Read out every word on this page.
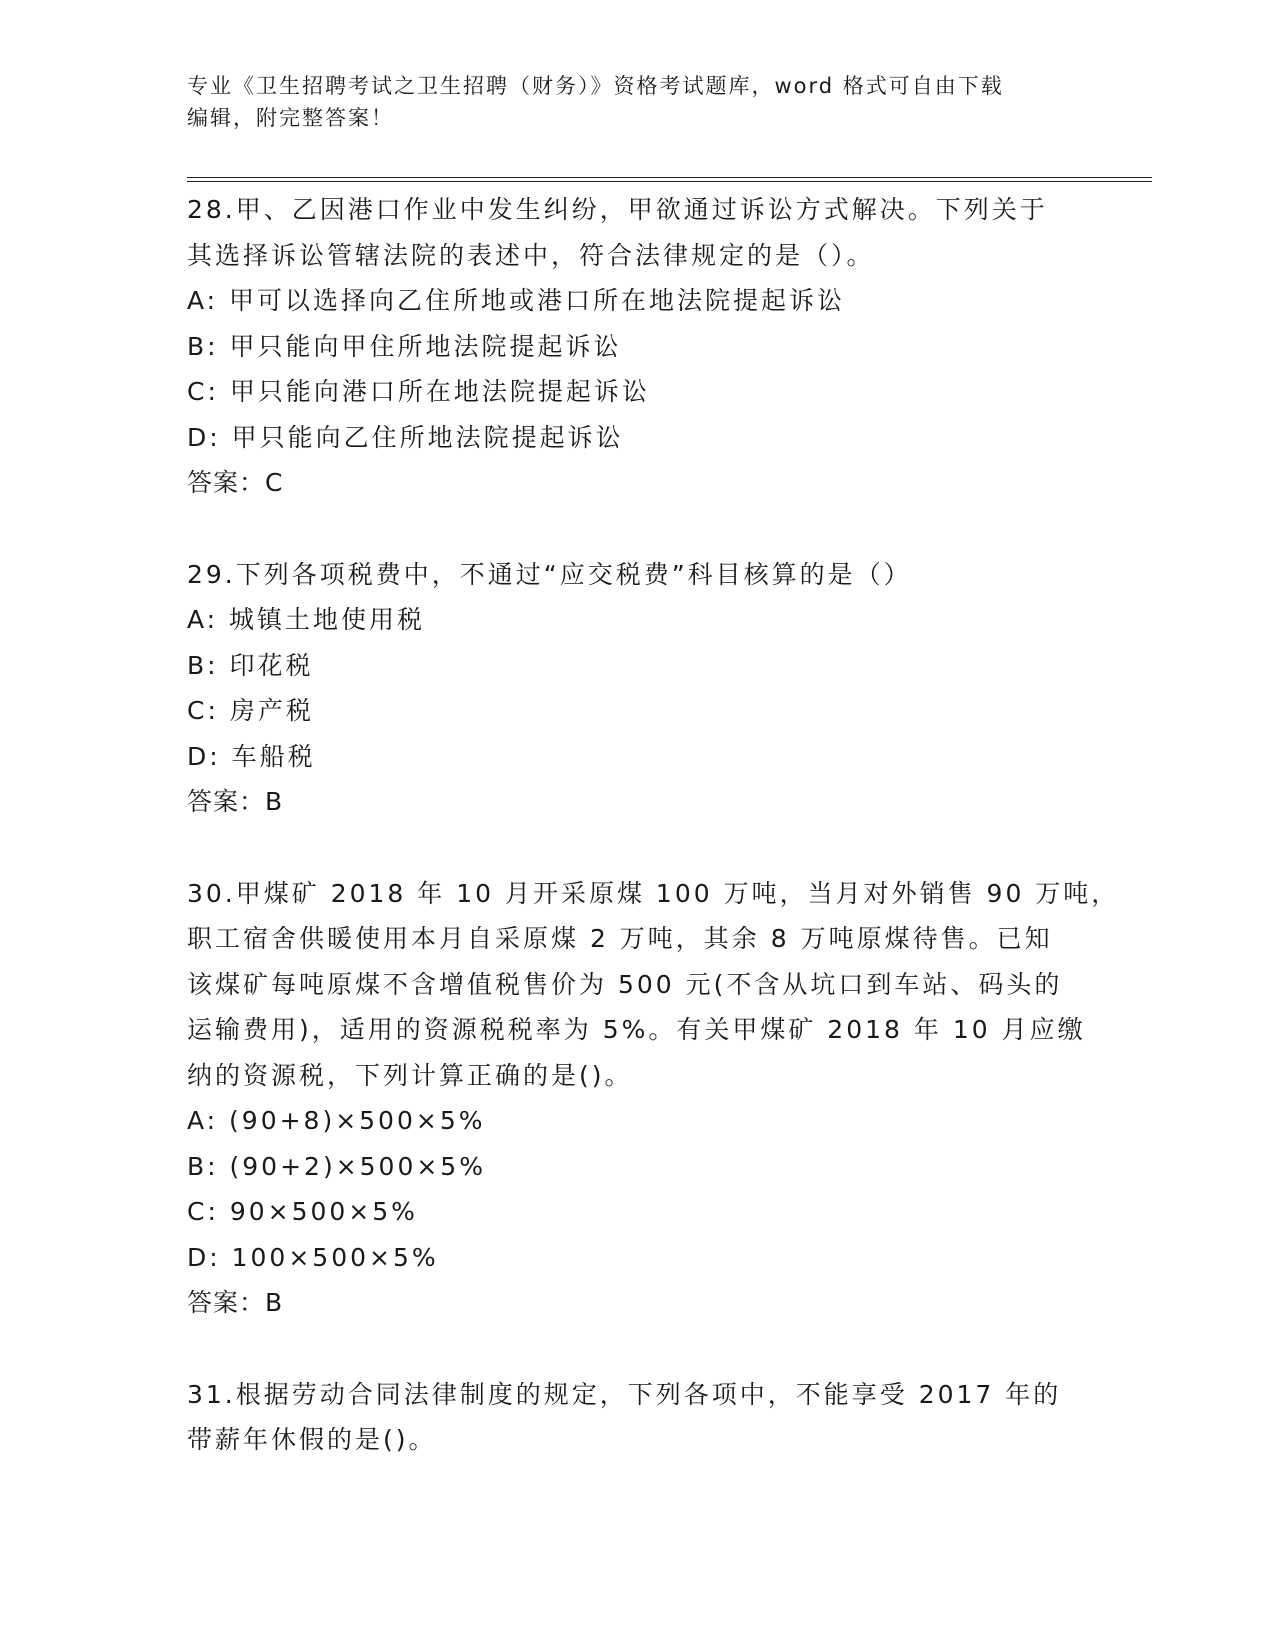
专业《卫生招聘考试之卫生招聘（财务）》资格考试题库，word 格式可自由下载
编辑，附完整答案！
28.甲、乙因港口作业中发生纠纷，甲欲通过诉讼方式解决。下列关于
其选择诉讼管辖法院的表述中，符合法律规定的是（）。
A: 甲可以选择向乙住所地或港口所在地法院提起诉讼
B: 甲只能向甲住所地法院提起诉讼
C: 甲只能向港口所在地法院提起诉讼
D: 甲只能向乙住所地法院提起诉讼
答案：C
29.下列各项税费中，不通过“应交税费”科目核算的是（）
A: 城镇土地使用税
B: 印花税
C: 房产税
D: 车船税
答案：B
30.甲煤矿 2018 年 10 月开采原煤 100 万吨，当月对外销售 90 万吨，
职工宿舍供暖使用本月自采原煤 2 万吨，其余 8 万吨原煤待售。已知
该煤矿每吨原煤不含增值税售价为 500 元(不含从坑口到车站、码头的
运输费用)，适用的资源税税率为 5%。有关甲煤矿 2018 年 10 月应缴
纳的资源税，下列计算正确的是()。
A: (90+8)×500×5%
B: (90+2)×500×5%
C: 90×500×5%
D: 100×500×5%
答案：B
31.根据劳动合同法律制度的规定，下列各项中，不能享受 2017 年的
带薪年休假的是()。
